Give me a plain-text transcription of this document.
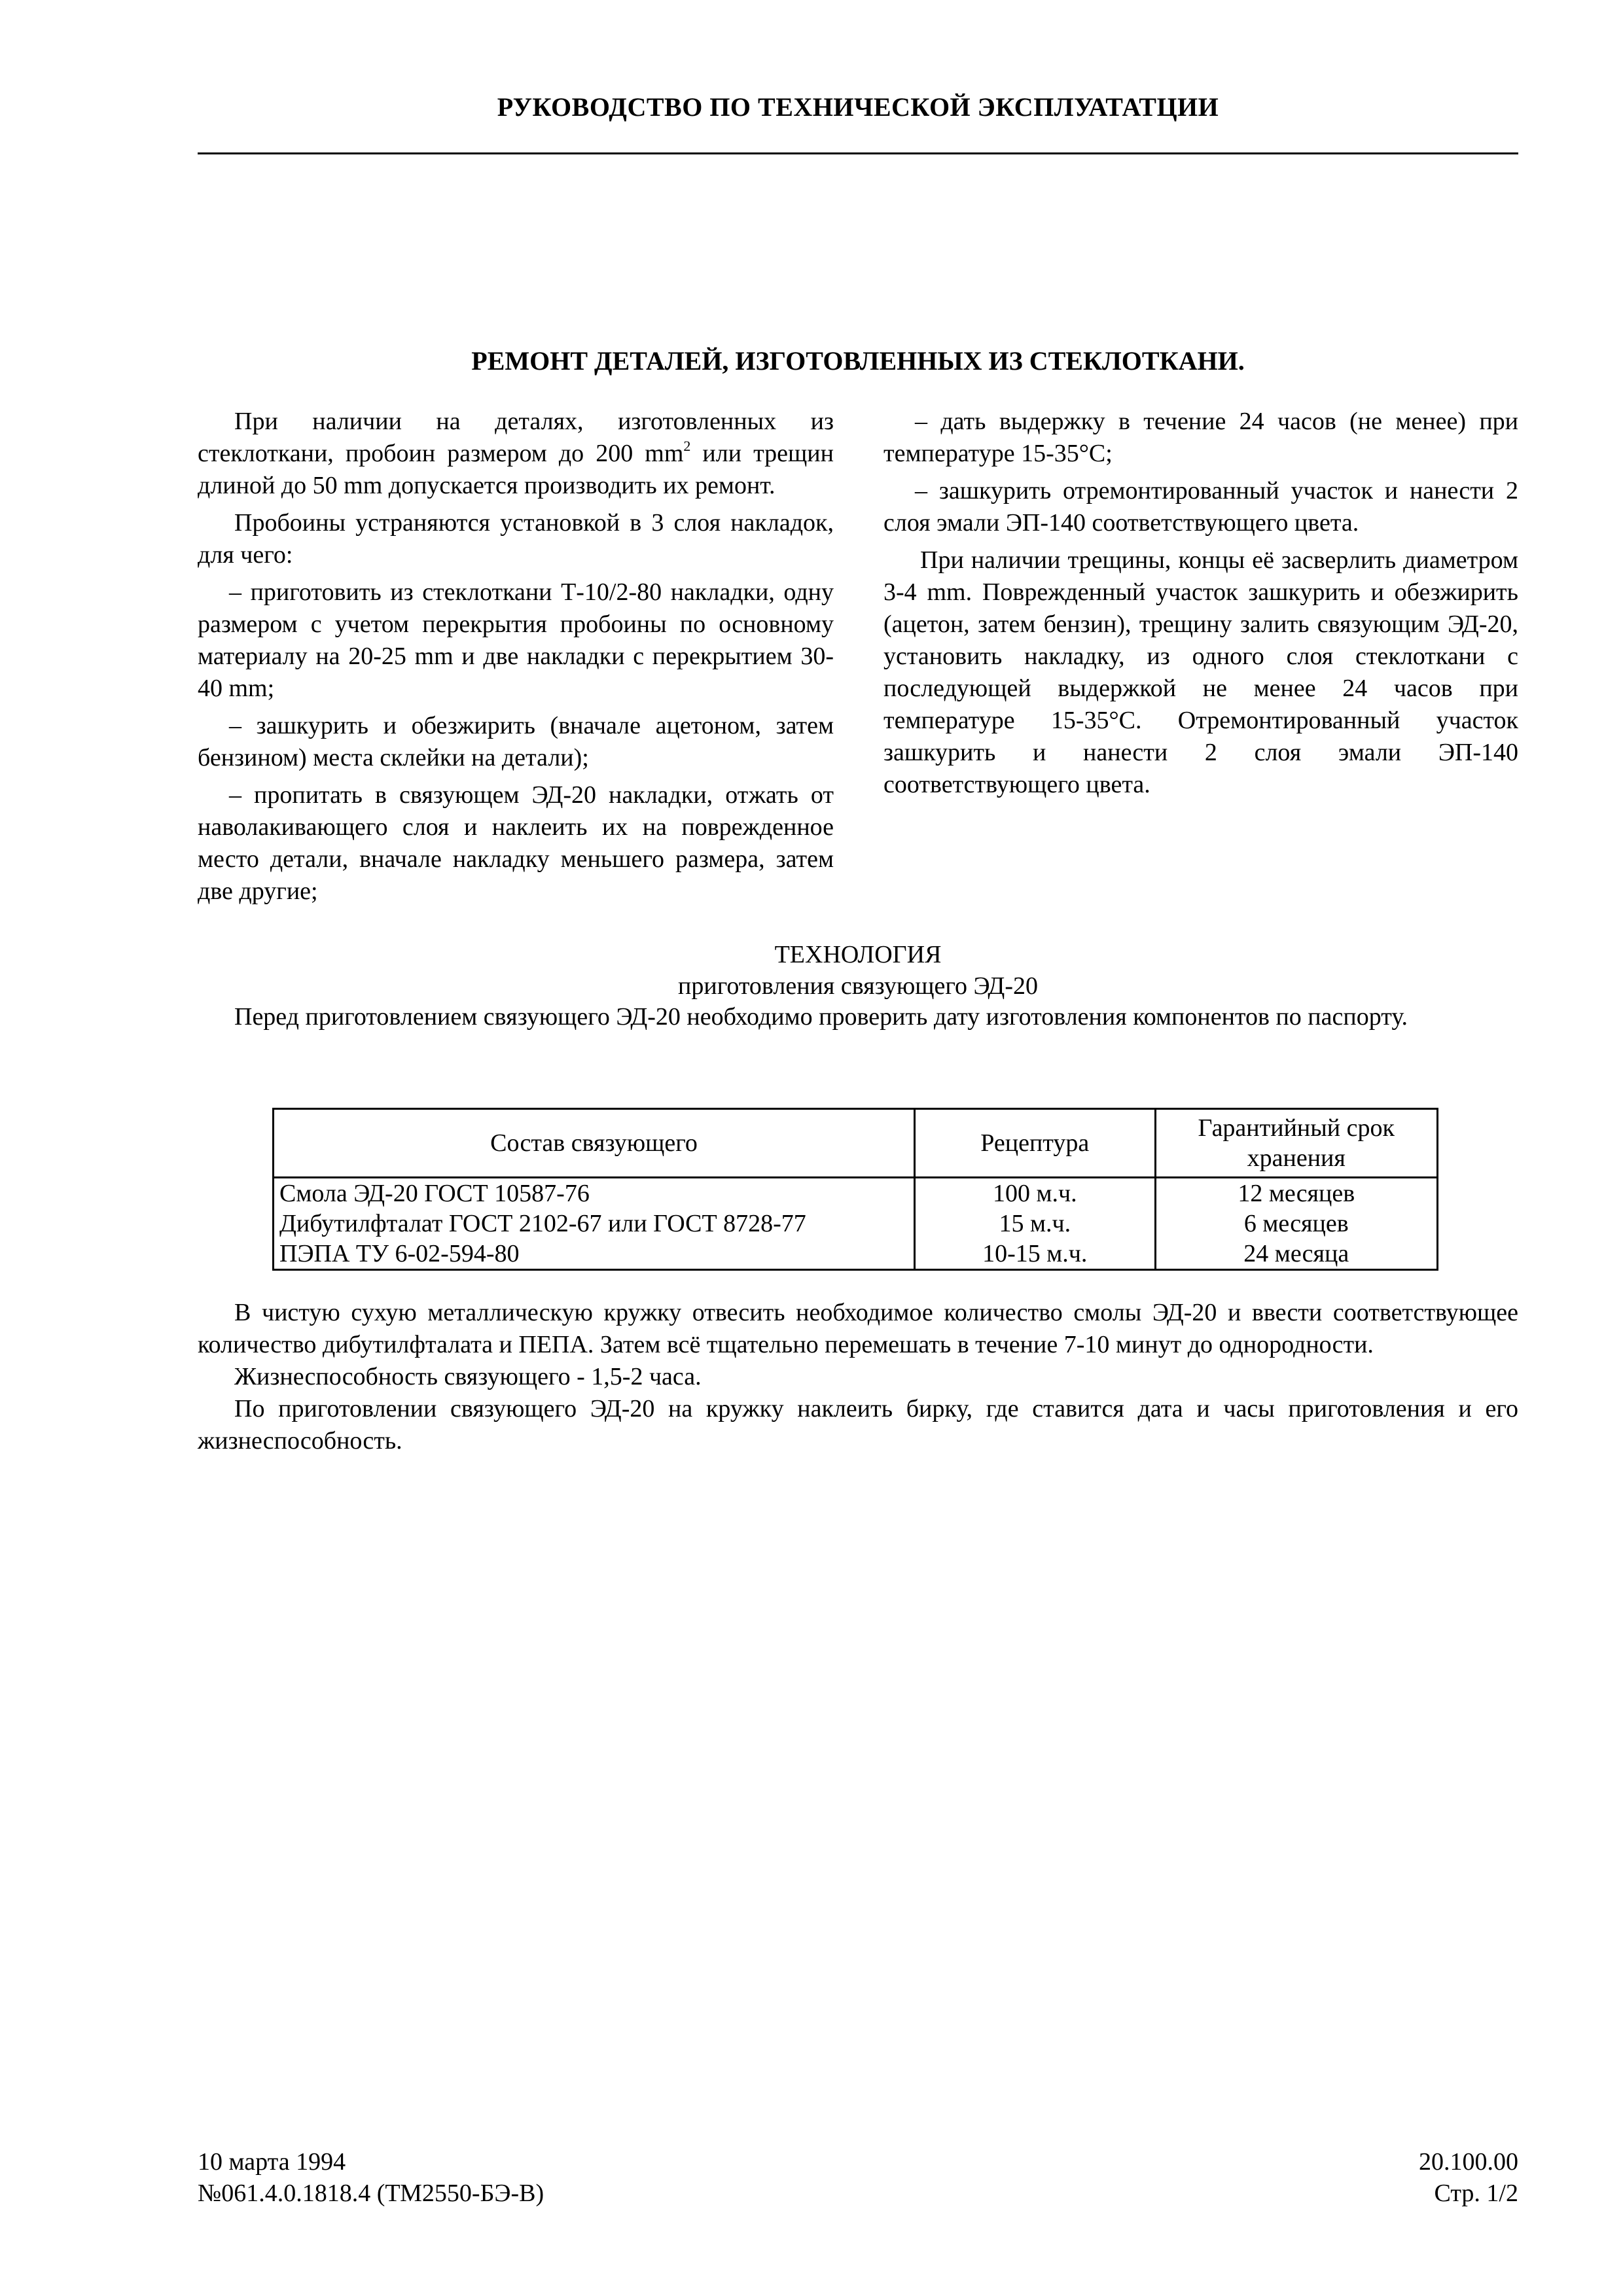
РУКОВОДСТВО ПО ТЕХНИЧЕСКОЙ ЭКСПЛУАТАТЦИИ
РЕМОНТ ДЕТАЛЕЙ, ИЗГОТОВЛЕННЫХ ИЗ СТЕКЛОТКАНИ.

При наличии на деталях, изготовленных из стеклоткани, пробоин размером до 200 $mm^2$ или трещин длиной до 50 mm допускается производить их ремонт.

Пробоины устраняются установкой в 3 слоя накладок, для чего:

– приготовить из стеклоткани Т-10/2-80 накладки, одну размером с учетом перекрытия пробоины по основному материалу на 20-25 mm и две накладки с перекрытием 30-40 mm;

– зашкурить и обезжирить (вначале ацетоном, затем бензином) места склейки на детали);

– пропитать в связующем ЭД-20 накладки, отжать от наволакивающего слоя и наклеить их на поврежденное место детали, вначале накладку меньшего размера, затем две другие;

– дать выдержку в течение 24 часов (не менее) при температуре 15-35°С;

– зашкурить отремонтированный участок и нанести 2 слоя эмали ЭП-140 соответствующего цвета.

При наличии трещины, концы её засверлить диаметром 3-4 mm. Поврежденный участок зашкурить и обезжирить (ацетон, затем бензин), трещину залить связующим ЭД-20, установить накладку, из одного слоя стеклоткани с последующей выдержкой не менее 24 часов при температуре 15-35°С. Отремонтированный участок зашкурить и нанести 2 слоя эмали ЭП-140 соответствующего цвета.

ТЕХНОЛОГИЯ
приготовления связующего ЭД-20

Перед приготовлением связующего ЭД-20 необходимо проверить дату изготовления компонентов по паспорту.

Состав связующего	Рецептура	Гарантийный срок хранения
Смола ЭД-20 ГОСТ 10587-76	100 м.ч.	12 месяцев
Дибутилфталат ГОСТ 2102-67 или ГОСТ 8728-77	15 м.ч.	6 месяцев
ПЭПА ТУ 6-02-594-80	10-15 м.ч.	24 месяца

В чистую сухую металлическую кружку отвесить необходимое количество смолы ЭД-20 и ввести соответствующее количество дибутилфталата и ПЕПА. Затем всё тщательно перемешать в течение 7-10 минут до однородности.

Жизнеспособность связующего - 1,5-2 часа.

По приготовлении связующего ЭД-20 на кружку наклеить бирку, где ставится дата и часы приготовления и его жизнеспособность.

10 марта 1994
№061.4.0.1818.4 (ТМ2550-БЭ-В)
20.100.00
Стр. 1/2
